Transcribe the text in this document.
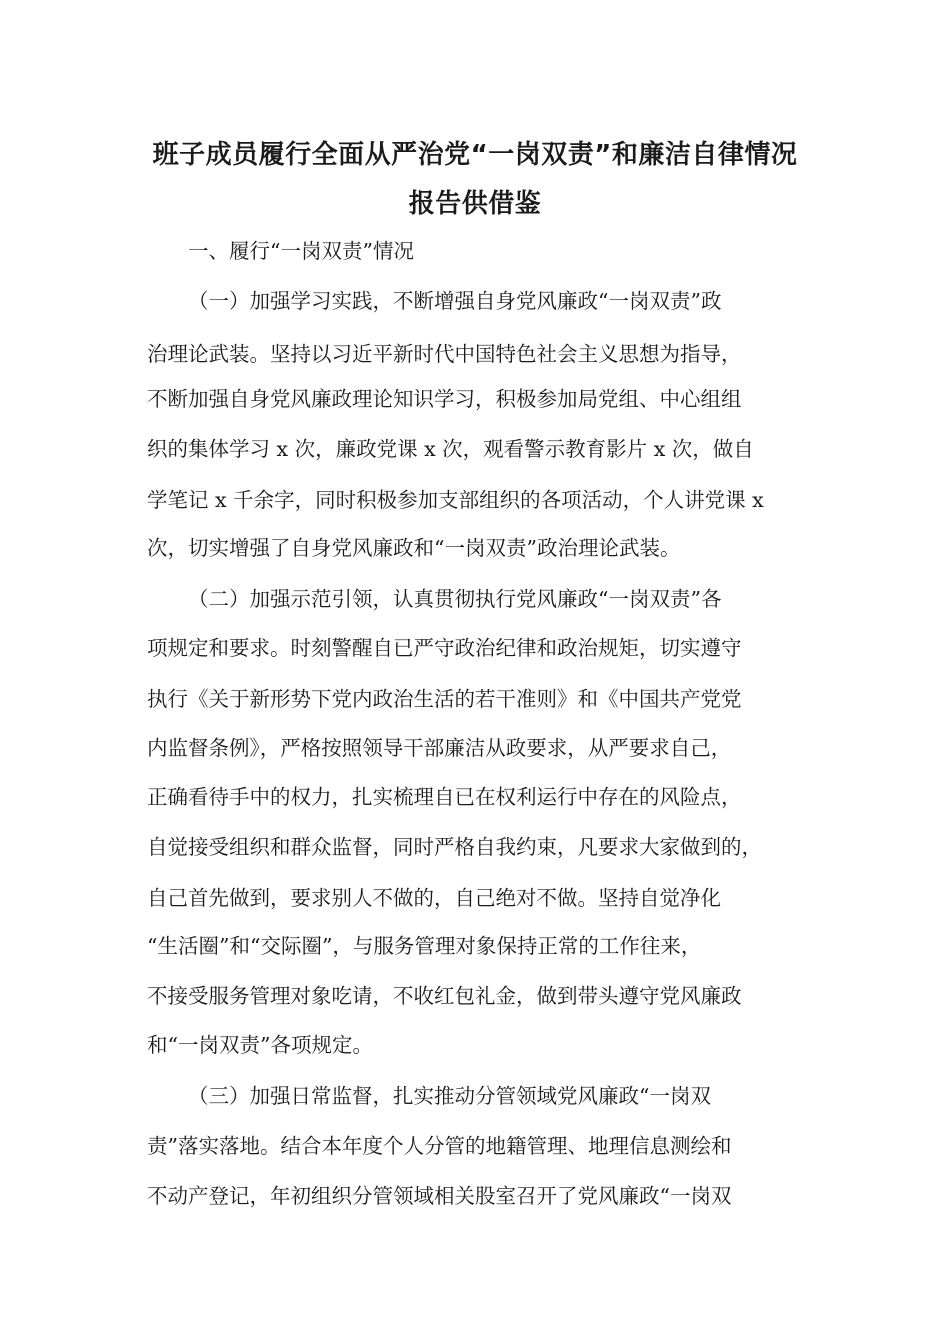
班子成员履行全面从严治党“一岗双责”和廉洁自律情况
报告供借鉴
一、履行“一岗双责”情况
（一）加强学习实践，不断增强自身党风廉政“一岗双责”政
治理论武装。坚持以习近平新时代中国特色社会主义思想为指导，
不断加强自身党风廉政理论知识学习，积极参加局党组、中心组组
织的集体学习 x 次，廉政党课 x 次，观看警示教育影片 x 次，做自
学笔记 x 千余字，同时积极参加支部组织的各项活动，个人讲党课 x
次，切实增强了自身党风廉政和“一岗双责”政治理论武装。
（二）加强示范引领，认真贯彻执行党风廉政“一岗双责”各
项规定和要求。时刻警醒自已严守政治纪律和政治规矩，切实遵守
执行《关于新形势下党内政治生活的若干准则》和《中国共产党党
内监督条例》，严格按照领导干部廉洁从政要求，从严要求自己，
正确看待手中的权力，扎实梳理自已在权利运行中存在的风险点，
自觉接受组织和群众监督，同时严格自我约束，凡要求大家做到的，
自己首先做到，要求别人不做的，自己绝对不做。坚持自觉净化
“生活圈”和“交际圈”，与服务管理对象保持正常的工作往来，
不接受服务管理对象吃请，不收红包礼金，做到带头遵守党风廉政
和“一岗双责”各项规定。
（三）加强日常监督，扎实推动分管领域党风廉政“一岗双
责”落实落地。结合本年度个人分管的地籍管理、地理信息测绘和
不动产登记，年初组织分管领域相关股室召开了党风廉政“一岗双
